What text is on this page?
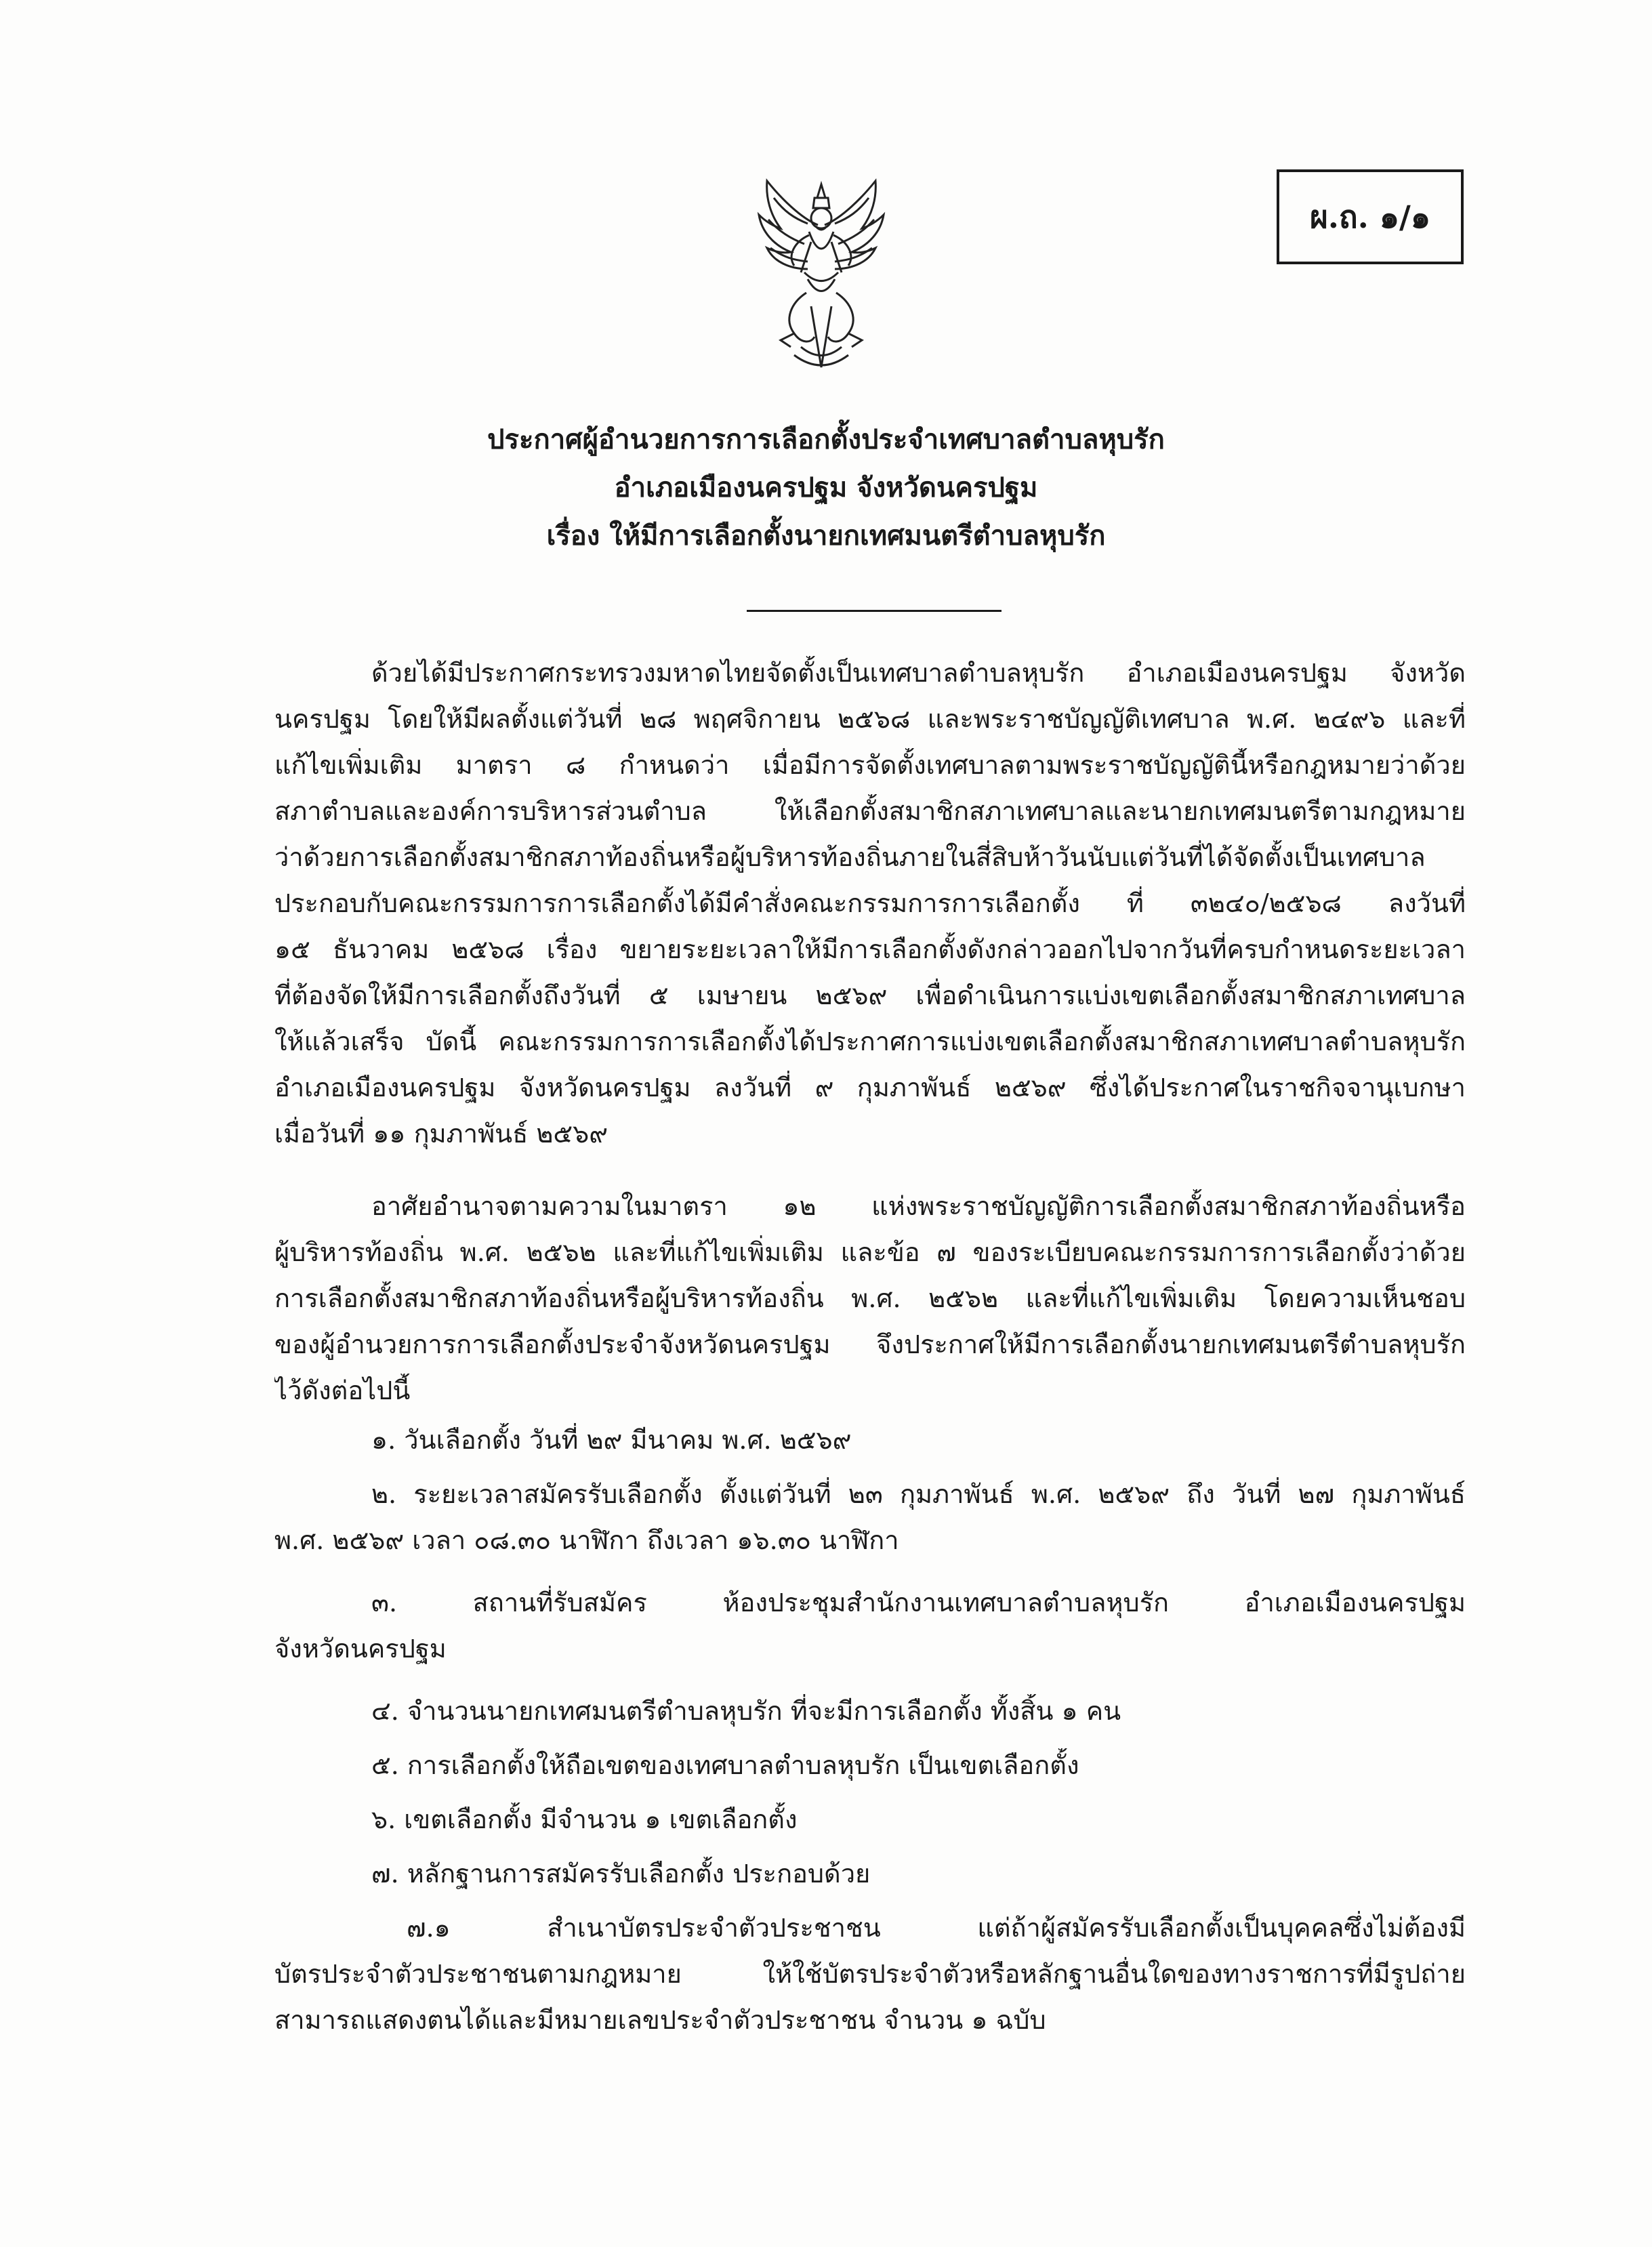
ผ.ถ. ๑/๑
ประกาศผู้อำนวยการการเลือกตั้งประจำเทศบาลตำบลหุบรัก
อำเภอเมืองนครปฐม จังหวัดนครปฐม
เรื่อง ให้มีการเลือกตั้งนายกเทศมนตรีตำบลหุบรัก
ด้วยได้มีประกาศกระทรวงมหาดไทยจัดตั้งเป็นเทศบาลตำบลหุบรัก อำเภอเมืองนครปฐม จังหวัด
นครปฐม โดยให้มีผลตั้งแต่วันที่ ๒๘ พฤศจิกายน ๒๕๖๘ และพระราชบัญญัติเทศบาล พ.ศ. ๒๔๙๖ และที่
แก้ไขเพิ่มเติม มาตรา ๘ กำหนดว่า เมื่อมีการจัดตั้งเทศบาลตามพระราชบัญญัตินี้หรือกฎหมายว่าด้วย
สภาตำบลและองค์การบริหารส่วนตำบล ให้เลือกตั้งสมาชิกสภาเทศบาลและนายกเทศมนตรีตามกฎหมาย
ว่าด้วยการเลือกตั้งสมาชิกสภาท้องถิ่นหรือผู้บริหารท้องถิ่นภายในสี่สิบห้าวันนับแต่วันที่ได้จัดตั้งเป็นเทศบาล
ประกอบกับคณะกรรมการการเลือกตั้งได้มีคำสั่งคณะกรรมการการเลือกตั้ง ที่ ๓๒๔๐/๒๕๖๘ ลงวันที่
๑๕ ธันวาคม ๒๕๖๘ เรื่อง ขยายระยะเวลาให้มีการเลือกตั้งดังกล่าวออกไปจากวันที่ครบกำหนดระยะเวลา
ที่ต้องจัดให้มีการเลือกตั้งถึงวันที่ ๕ เมษายน ๒๕๖๙ เพื่อดำเนินการแบ่งเขตเลือกตั้งสมาชิกสภาเทศบาล
ให้แล้วเสร็จ บัดนี้ คณะกรรมการการเลือกตั้งได้ประกาศการแบ่งเขตเลือกตั้งสมาชิกสภาเทศบาลตำบลหุบรัก
อำเภอเมืองนครปฐม จังหวัดนครปฐม ลงวันที่ ๙ กุมภาพันธ์ ๒๕๖๙ ซึ่งได้ประกาศในราชกิจจานุเบกษา
เมื่อวันที่ ๑๑ กุมภาพันธ์ ๒๕๖๙
อาศัยอำนาจตามความในมาตรา ๑๒ แห่งพระราชบัญญัติการเลือกตั้งสมาชิกสภาท้องถิ่นหรือ
ผู้บริหารท้องถิ่น พ.ศ. ๒๕๖๒ และที่แก้ไขเพิ่มเติม และข้อ ๗ ของระเบียบคณะกรรมการการเลือกตั้งว่าด้วย
การเลือกตั้งสมาชิกสภาท้องถิ่นหรือผู้บริหารท้องถิ่น พ.ศ. ๒๕๖๒ และที่แก้ไขเพิ่มเติม โดยความเห็นชอบ
ของผู้อำนวยการการเลือกตั้งประจำจังหวัดนครปฐม จึงประกาศให้มีการเลือกตั้งนายกเทศมนตรีตำบลหุบรัก
ไว้ดังต่อไปนี้
๑. วันเลือกตั้ง วันที่ ๒๙ มีนาคม พ.ศ. ๒๕๖๙
๒. ระยะเวลาสมัครรับเลือกตั้ง ตั้งแต่วันที่ ๒๓ กุมภาพันธ์ พ.ศ. ๒๕๖๙ ถึง วันที่ ๒๗ กุมภาพันธ์
พ.ศ. ๒๕๖๙ เวลา ๐๘.๓๐ นาฬิกา ถึงเวลา ๑๖.๓๐ นาฬิกา
๓. สถานที่รับสมัคร ห้องประชุมสำนักงานเทศบาลตำบลหุบรัก อำเภอเมืองนครปฐม
จังหวัดนครปฐม
๔. จำนวนนายกเทศมนตรีตำบลหุบรัก ที่จะมีการเลือกตั้ง ทั้งสิ้น ๑ คน
๕. การเลือกตั้งให้ถือเขตของเทศบาลตำบลหุบรัก เป็นเขตเลือกตั้ง
๖. เขตเลือกตั้ง มีจำนวน ๑ เขตเลือกตั้ง
๗. หลักฐานการสมัครรับเลือกตั้ง ประกอบด้วย
๗.๑ สำเนาบัตรประจำตัวประชาชน แต่ถ้าผู้สมัครรับเลือกตั้งเป็นบุคคลซึ่งไม่ต้องมี
บัตรประจำตัวประชาชนตามกฎหมาย ให้ใช้บัตรประจำตัวหรือหลักฐานอื่นใดของทางราชการที่มีรูปถ่าย
สามารถแสดงตนได้และมีหมายเลขประจำตัวประชาชน จำนวน ๑ ฉบับ
